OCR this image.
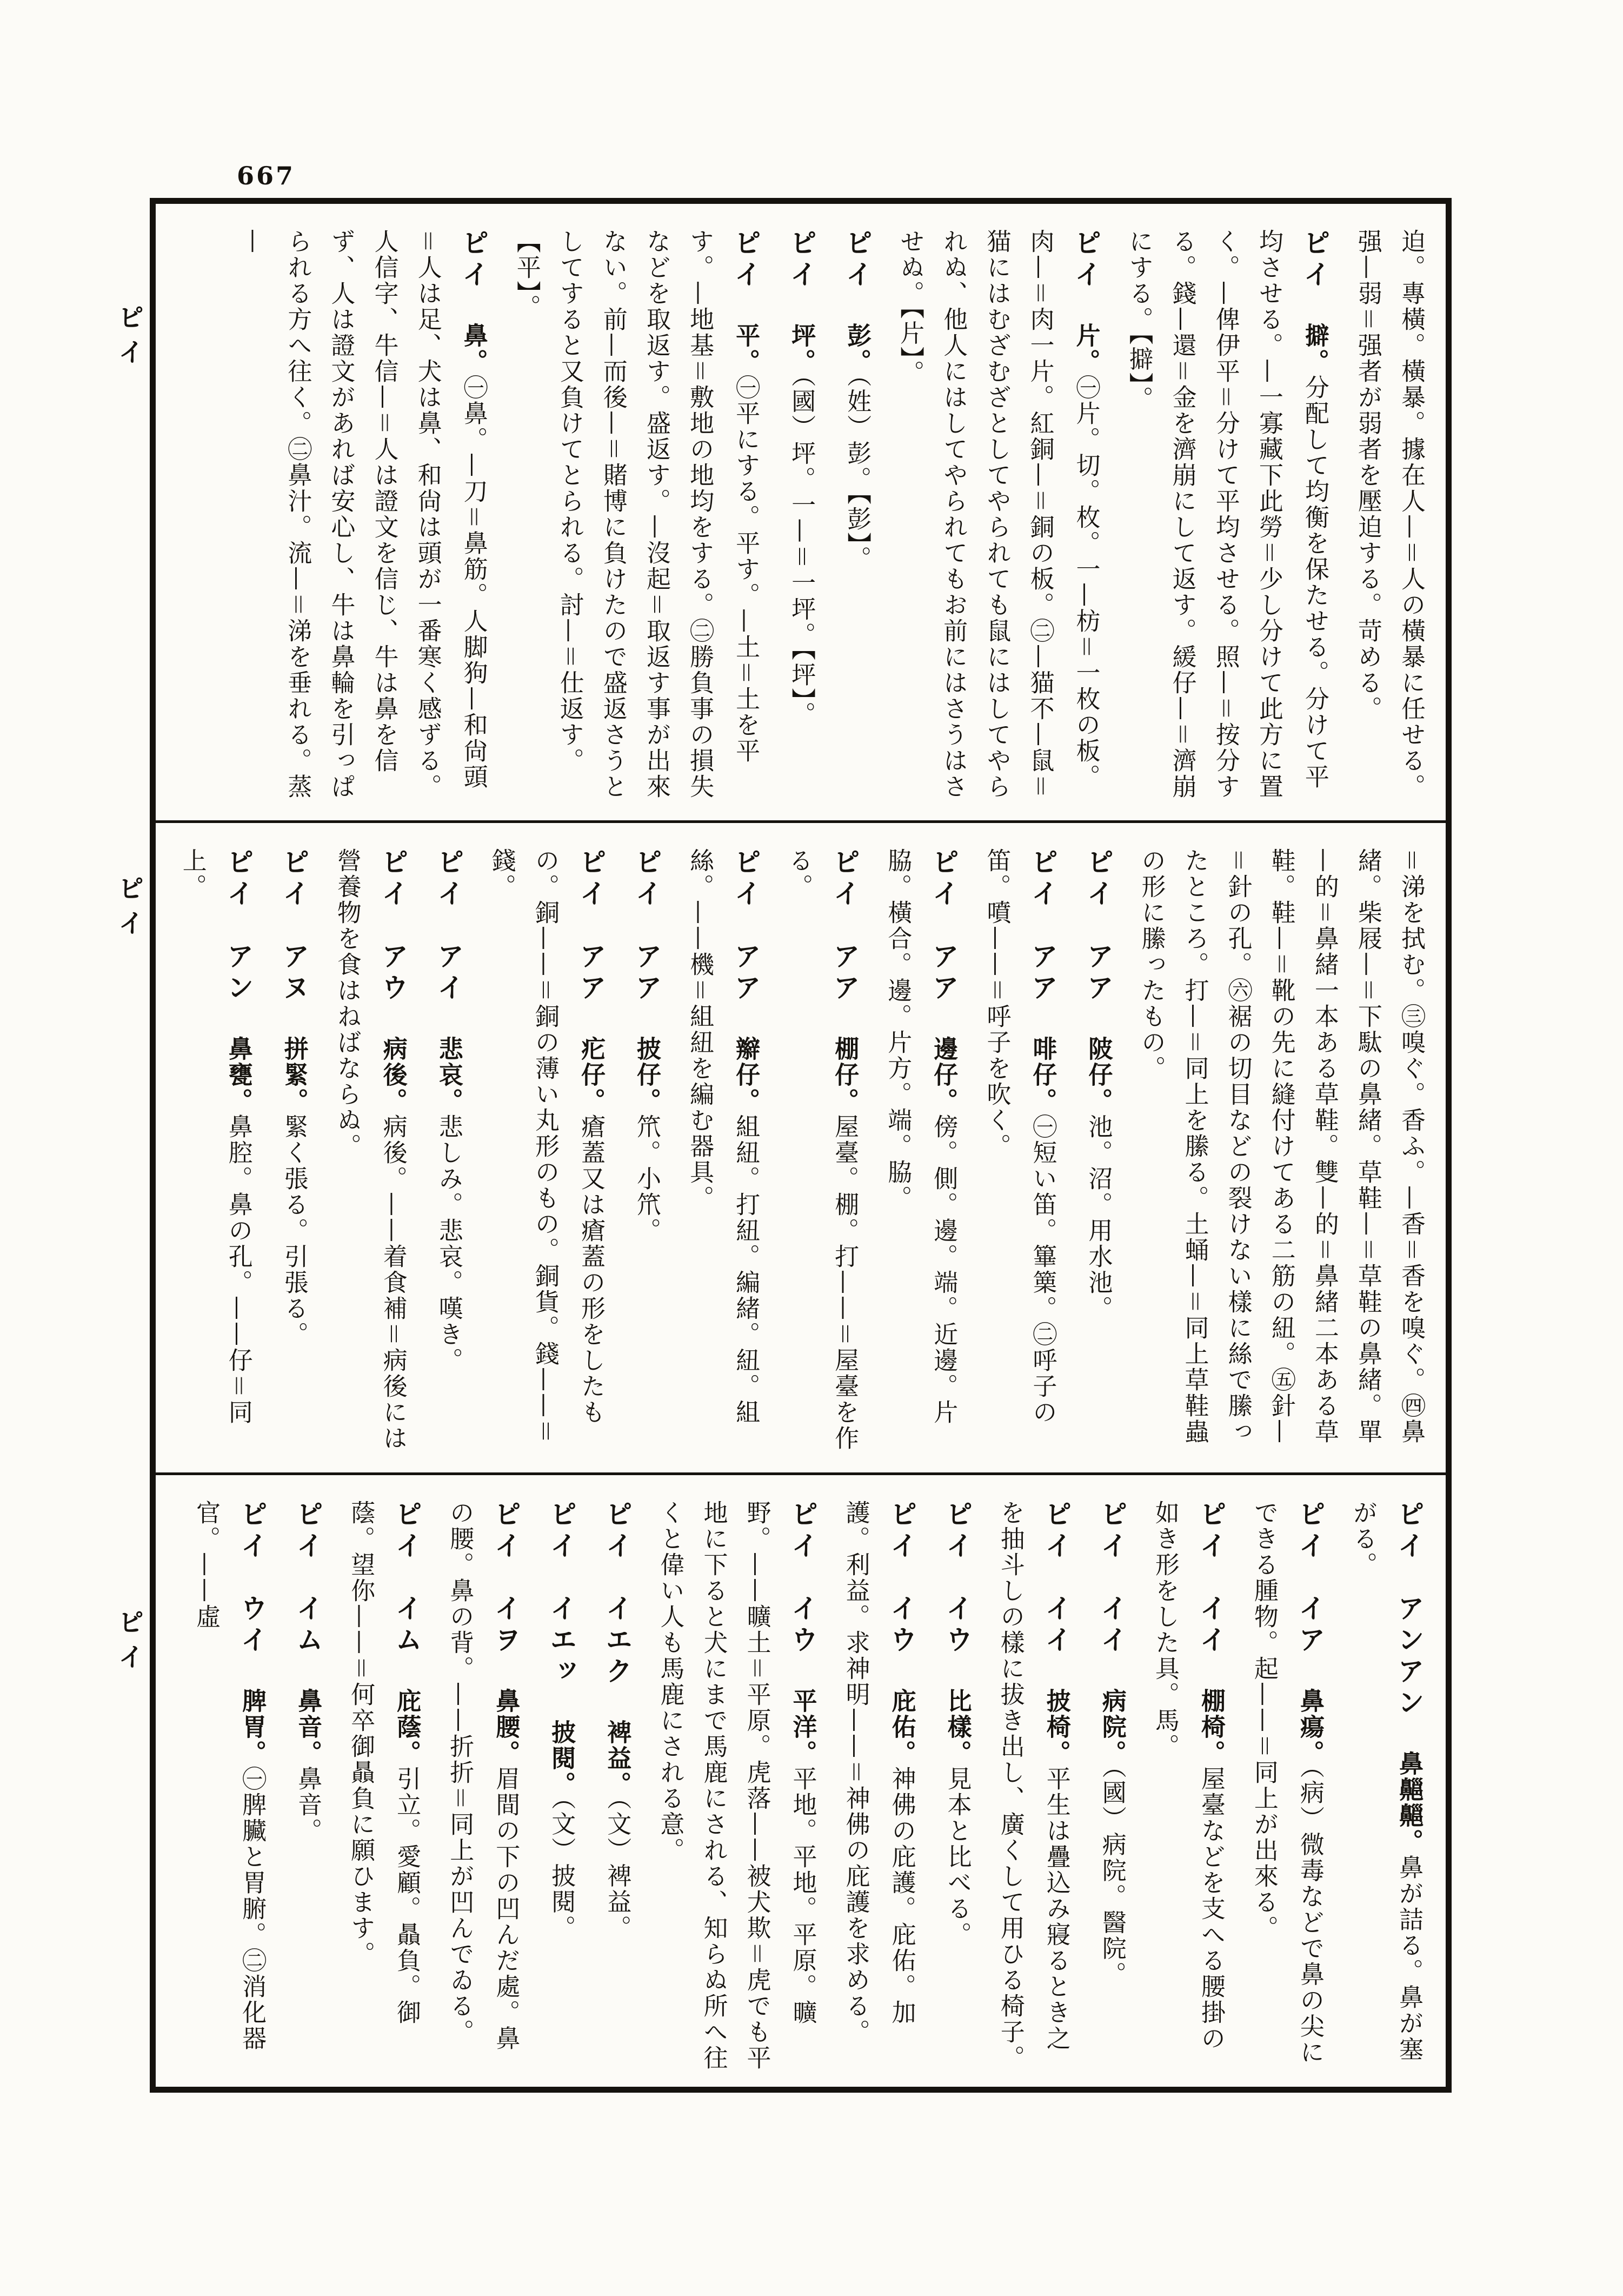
667
ピイ
ピイ
ピイ
迫。專橫。橫暴。據在人—＝人の橫暴に任せる。强—弱＝强者が弱者を壓迫する。苛める。
ピイ　擗。分配して均衡を保たせる。分けて平均させる。—一寡藏下此勞＝少し分けて此方に置く。—俾伊平＝分けて平均させる。照—＝按分する。錢—還＝金を濟崩にして返す。緩仔—＝濟崩にする。【擗】。
ピイ　片。㊀片。切。枚。一—枋＝一枚の板。肉—＝肉一片。紅銅—＝銅の板。㊁—猫不—鼠＝猫にはむざむざとしてやられても鼠にはしてやられぬ、他人にはしてやられてもお前にはさうはさせぬ。【片】。
ピイ　彭。（姓）彭。【彭】。
ピイ　坪。（國）坪。一—＝一坪。【坪】。
ピイ　平。㊀平にする。平す。—土＝土を平す。—地基＝敷地の地均をする。㊁勝負事の損失などを取返す。盛返す。—沒起＝取返す事が出來ない。前—而後—＝賭博に負けたので盛返さうとしてすると又負けてとられる。討—＝仕返す。【平】。
ピイ　鼻。㊀鼻。—刀＝鼻筋。人脚狗—和尙頭＝人は足、犬は鼻、和尙は頭が一番寒く感ずる。人信字、牛信—＝人は證文を信じ、牛は鼻を信ず、人は證文があれば安心し、牛は鼻輪を引っぱられる方へ往く。㊁鼻汁。流—＝涕を垂れる。蒸—
＝涕を拭む。㊂嗅ぐ。香ふ。—香＝香を嗅ぐ。㊃鼻緒。柴屐—＝下駄の鼻緒。草鞋—＝草鞋の鼻緒。單—的＝鼻緒一本ある草鞋。雙—的＝鼻緒二本ある草鞋。鞋—＝靴の先に縫付けてある二筋の紐。㊄針—＝針の孔。㊅裾の切目などの裂けない樣に絲で縢ったところ。打—＝同上を縢る。土蛹—＝同上草鞋蟲の形に縢ったもの。
ピイ　アア　陂仔。池。沼。用水池。
ピイ　アア　啡仔。㊀短い笛。篳篥。㊁呼子の笛。噴——＝呼子を吹く。
ピイ　アア　邊仔。傍。側。邊。端。近邊。片脇。橫合。邊。片方。端。脇。
ピイ　アア　棚仔。屋臺。棚。打——＝屋臺を作る。
ピイ　アア　辮仔。組紐。打紐。編緒。紐。組絲。——機＝組紐を編む器具。
ピイ　アア　披仔。笊。小笊。
ピイ　アア　疕仔。瘡蓋又は瘡蓋の形をしたもの。銅——＝銅の薄い丸形のもの。銅貨。錢——＝錢。
ピイ　アイ　悲哀。悲しみ。悲哀。嘆き。
ピイ　アウ　病後。病後。——着食補＝病後には營養物を食はねばならぬ。
ピイ　アヌ　拼緊。緊く張る。引張る。
ピイ　アン　鼻甕。鼻腔。鼻の孔。——仔＝同上。
ピイ　アンアン　鼻齆齆。鼻が詰る。鼻が塞がる。
ピイ　イア　鼻瘍。（病）微毒などで鼻の尖にできる腫物。起——＝同上が出來る。
ピイ　イイ　棚椅。屋臺などを支へる腰掛の如き形をした具。馬。
ピイ　イイ　病院。（國）病院。醫院。
ピイ　イイ　披椅。平生は疊込み寢るとき之を抽斗しの樣に拔き出し、廣くして用ひる椅子。
ピイ　イウ　比樣。見本と比べる。
ピイ　イウ　庇佑。神佛の庇護。庇佑。加護。利益。求神明——＝神佛の庇護を求める。
ピイ　イウ　平洋。平地。平地。平原。曠野。——曠土＝平原。虎落——被犬欺＝虎でも平地に下ると犬にまで馬鹿にされる、知らぬ所へ往くと偉い人も馬鹿にされる意。
ピイ　イエク　裨益。（文）裨益。
ピイ　イエッ　披閱。（文）披閱。
ピイ　イヲ　鼻腰。眉間の下の凹んだ處。鼻の腰。鼻の背。——折折＝同上が凹んでゐる。
ピイ　イム　庇蔭。引立。愛顧。贔負。御蔭。望你——＝何卒御贔負に願ひます。
ピイ　イム　鼻音。鼻音。
ピイ　ウイ　脾胃。㊀脾臟と胃腑。㊁消化器官。——虛
